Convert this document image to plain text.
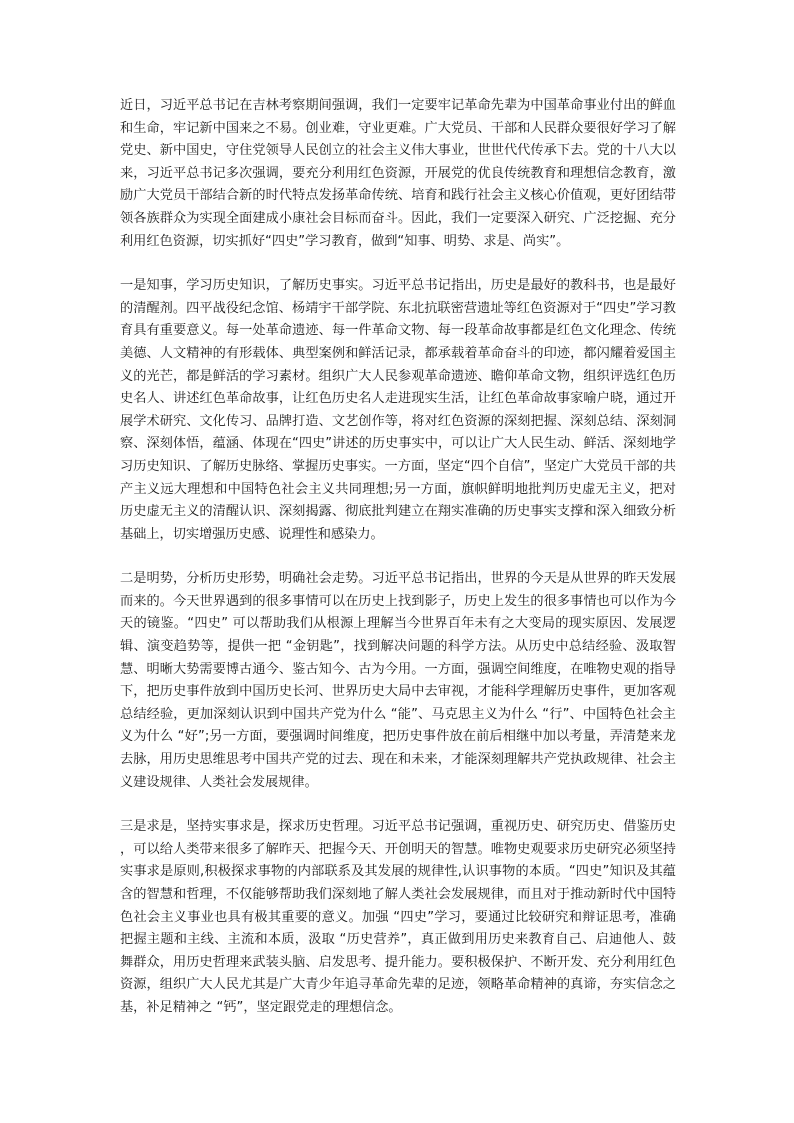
近日，习近平总书记在吉林考察期间强调，我们一定要牢记革命先辈为中国革命事业付出的鲜血和生命，牢记新中国来之不易。创业难，守业更难。广大党员、干部和人民群众要很好学习了解党史、新中国史，守住党领导人民创立的社会主义伟大事业，世世代代传承下去。党的十八大以来，习近平总书记多次强调，要充分利用红色资源，开展党的优良传统教育和理想信念教育，激励广大党员干部结合新的时代特点发扬革命传统、培育和践行社会主义核心价值观，更好团结带领各族群众为实现全面建成小康社会目标而奋斗。因此，我们一定要深入研究、广泛挖掘、充分利用红色资源，切实抓好“四史”学习教育，做到“知事、明势、求是、尚实”。

一是知事，学习历史知识，了解历史事实。习近平总书记指出，历史是最好的教科书，也是最好的清醒剂。四平战役纪念馆、杨靖宇干部学院、东北抗联密营遗址等红色资源对于“四史”学习教育具有重要意义。每一处革命遗迹、每一件革命文物、每一段革命故事都是红色文化理念、传统美德、人文精神的有形载体、典型案例和鲜活记录，都承载着革命奋斗的印迹，都闪耀着爱国主义的光芒，都是鲜活的学习素材。组织广大人民参观革命遗迹、瞻仰革命文物，组织评选红色历史名人、讲述红色革命故事，让红色历史名人走进现实生活，让红色革命故事家喻户晓，通过开展学术研究、文化传习、品牌打造、文艺创作等，将对红色资源的深刻把握、深刻总结、深刻洞察、深刻体悟，蕴涵、体现在“四史”讲述的历史事实中，可以让广大人民生动、鲜活、深刻地学习历史知识、了解历史脉络、掌握历史事实。一方面，坚定“四个自信”，坚定广大党员干部的共产主义远大理想和中国特色社会主义共同理想;另一方面，旗帜鲜明地批判历史虚无主义，把对历史虚无主义的清醒认识、深刻揭露、彻底批判建立在翔实准确的历史事实支撑和深入细致分析基础上，切实增强历史感、说理性和感染力。

二是明势，分析历史形势，明确社会走势。习近平总书记指出，世界的今天是从世界的昨天发展而来的。今天世界遇到的很多事情可以在历史上找到影子，历史上发生的很多事情也可以作为今天的镜鉴。“四史” 可以帮助我们从根源上理解当今世界百年未有之大变局的现实原因、发展逻辑、演变趋势等，提供一把 “金钥匙”，找到解决问题的科学方法。从历史中总结经验、汲取智慧、明晰大势需要博古通今、鉴古知今、古为今用。一方面，强调空间维度，在唯物史观的指导下，把历史事件放到中国历史长河、世界历史大局中去审视，才能科学理解历史事件，更加客观总结经验，更加深刻认识到中国共产党为什么 “能”、马克思主义为什么 “行”、中国特色社会主义为什么 “好”;另一方面，要强调时间维度，把历史事件放在前后相继中加以考量，弄清楚来龙去脉，用历史思维思考中国共产党的过去、现在和未来，才能深刻理解共产党执政规律、社会主义建设规律、人类社会发展规律。

三是求是，坚持实事求是，探求历史哲理。习近平总书记强调，重视历史、研究历史、借鉴历史，可以给人类带来很多了解昨天、把握今天、开创明天的智慧。唯物史观要求历史研究必须坚持实事求是原则,积极探求事物的内部联系及其发展的规律性,认识事物的本质。“四史”知识及其蕴含的智慧和哲理，不仅能够帮助我们深刻地了解人类社会发展规律，而且对于推动新时代中国特色社会主义事业也具有极其重要的意义。加强 “四史”学习，要通过比较研究和辩证思考，准确把握主题和主线、主流和本质，汲取 “历史营养”，真正做到用历史来教育自己、启迪他人、鼓舞群众，用历史哲理来武装头脑、启发思考、提升能力。要积极保护、不断开发、充分利用红色资源，组织广大人民尤其是广大青少年追寻革命先辈的足迹，领略革命精神的真谛，夯实信念之基，补足精神之 “钙”，坚定跟党走的理想信念。
